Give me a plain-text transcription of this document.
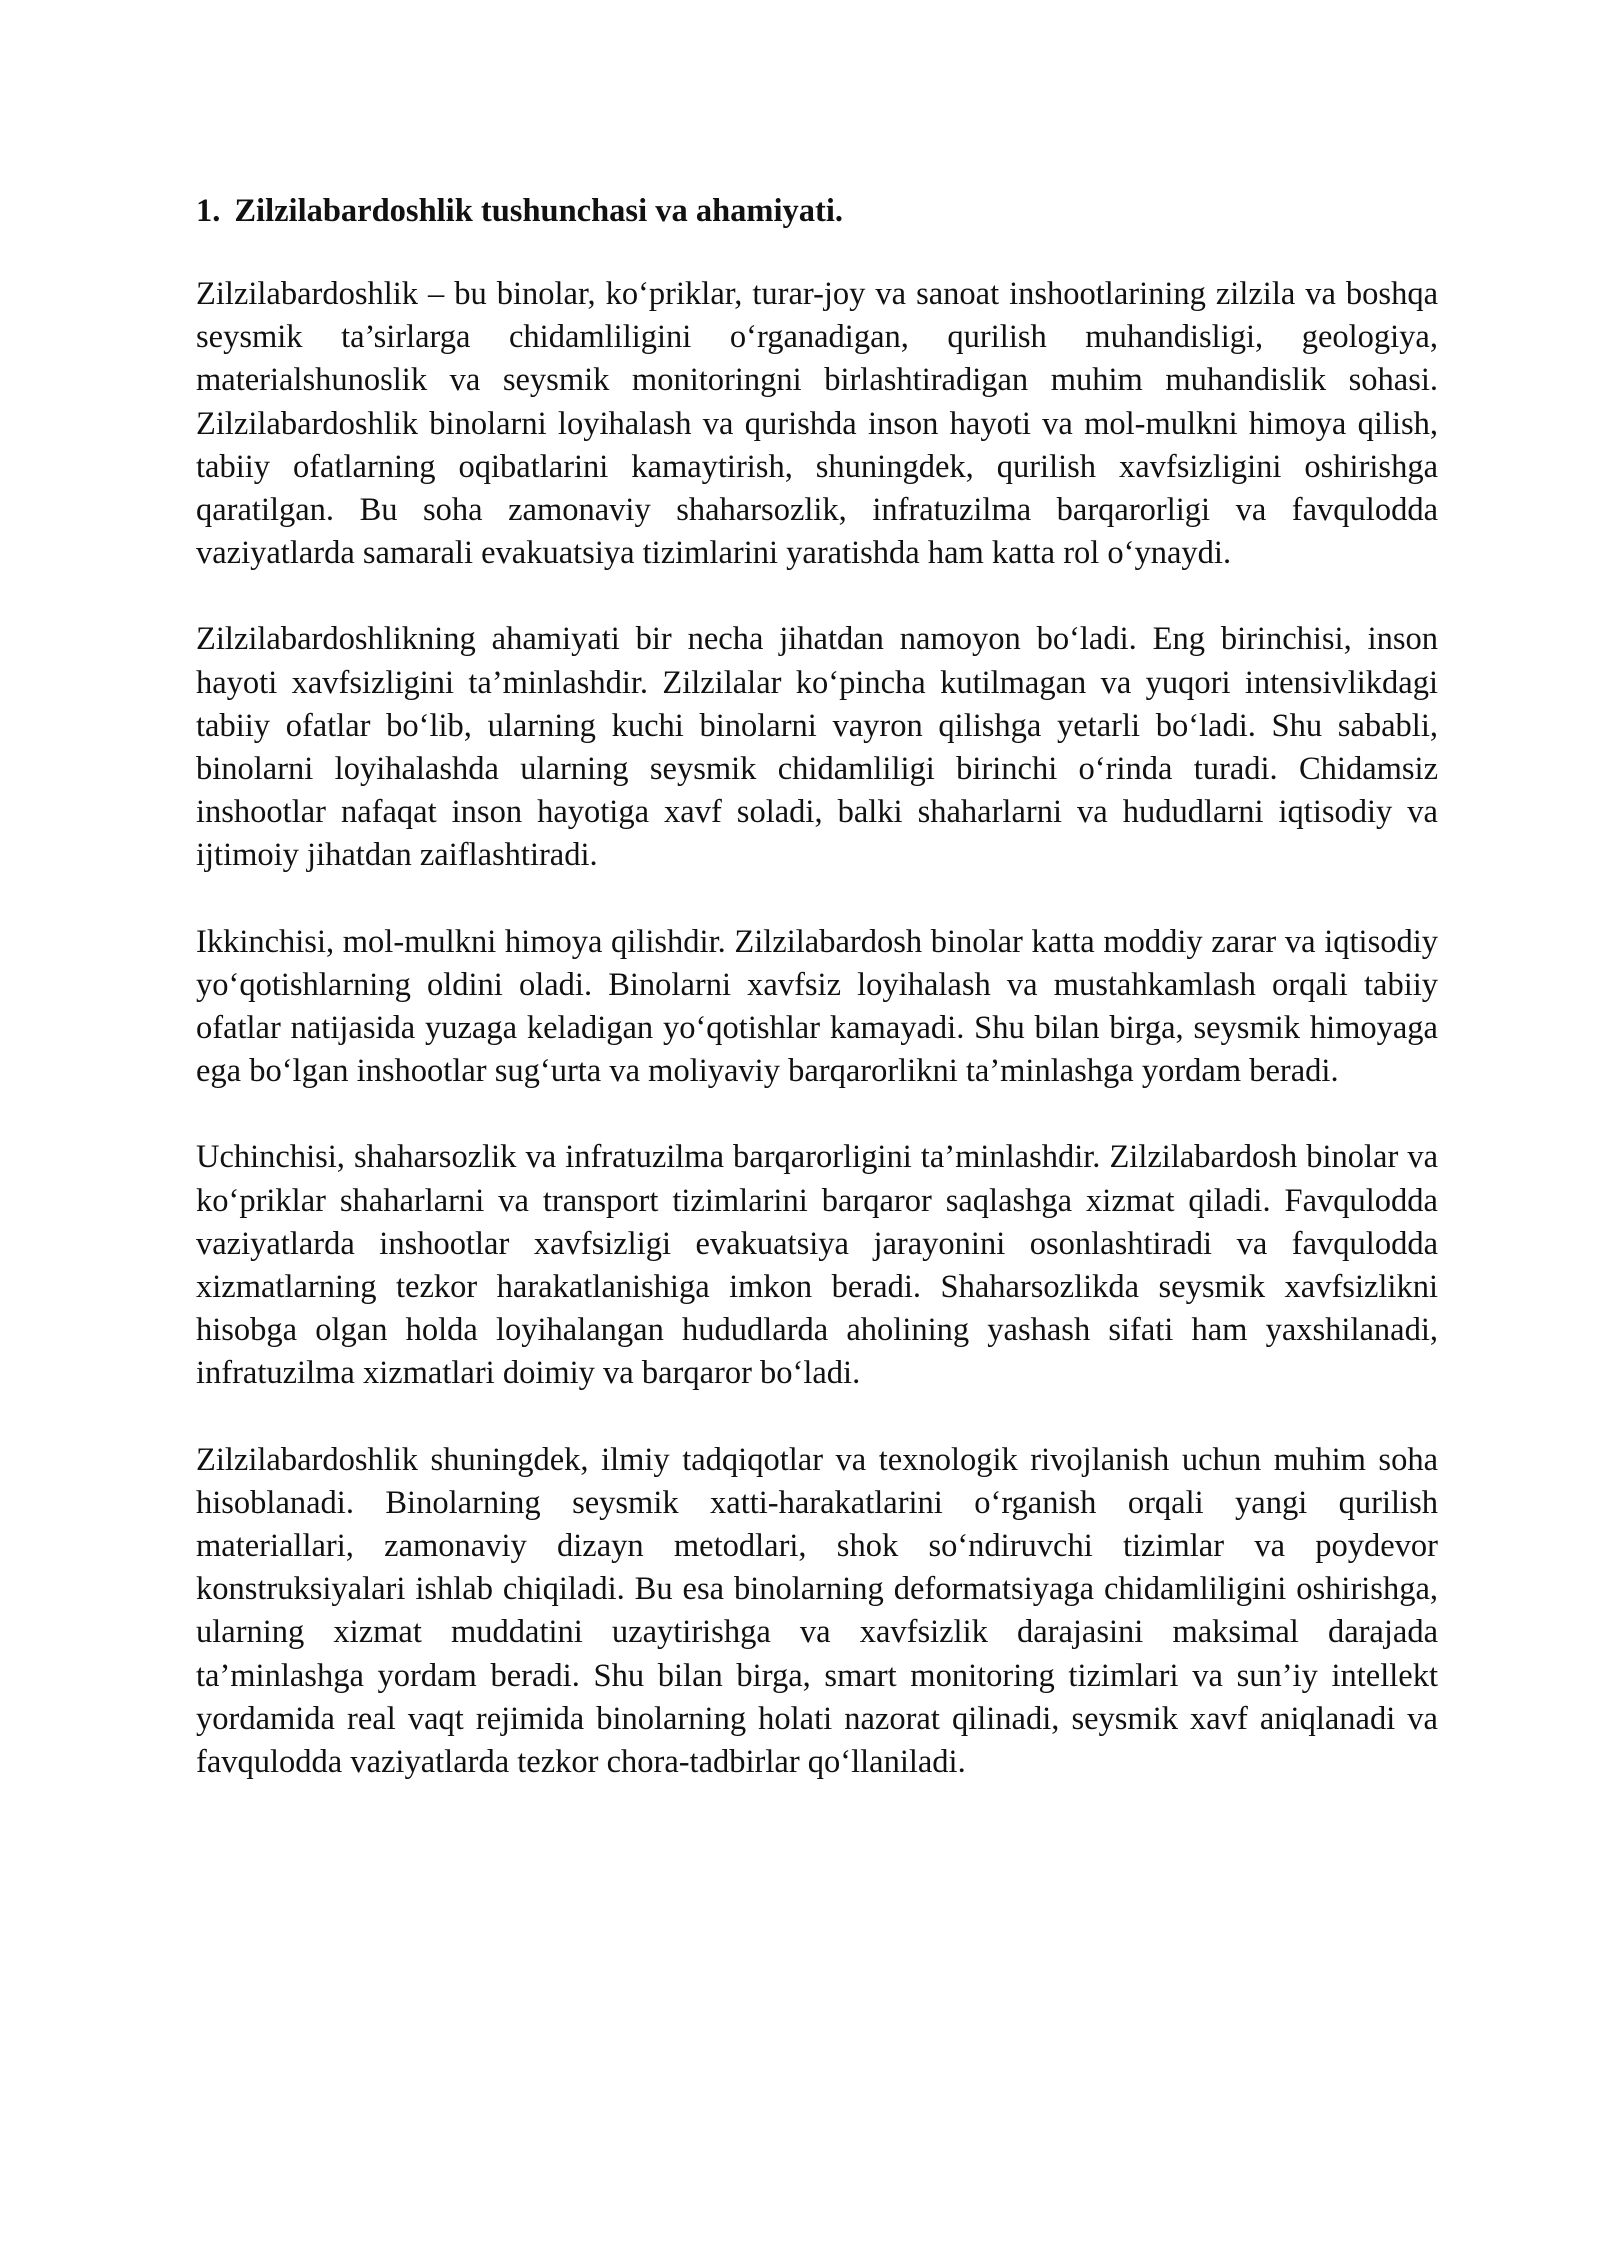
1. Zilzilabardoshlik tushunchasi va ahamiyati.

Zilzilabardoshlik – bu binolar, ko‘priklar, turar-joy va sanoat inshootlarining zilzila va boshqa seysmik ta’sirlarga chidamliligini o‘rganadigan, qurilish muhandisligi, geologiya, materialshunoslik va seysmik monitoringni birlashtiradigan muhim muhandislik sohasi. Zilzilabardoshlik binolarni loyihalash va qurishda inson hayoti va mol-mulkni himoya qilish, tabiiy ofatlarning oqibatlarini kamaytirish, shuningdek, qurilish xavfsizligini oshirishga qaratilgan. Bu soha zamonaviy shaharsozlik, infratuzilma barqarorligi va favqulodda vaziyatlarda samarali evakuatsiya tizimlarini yaratishda ham katta rol o‘ynaydi.

Zilzilabardoshlikning ahamiyati bir necha jihatdan namoyon bo‘ladi. Eng birinchisi, inson hayoti xavfsizligini ta’minlashdir. Zilzilalar ko‘pincha kutilmagan va yuqori intensivlikdagi tabiiy ofatlar bo‘lib, ularning kuchi binolarni vayron qilishga yetarli bo‘ladi. Shu sababli, binolarni loyihalashda ularning seysmik chidamliligi birinchi o‘rinda turadi. Chidamsiz inshootlar nafaqat inson hayotiga xavf soladi, balki shaharlarni va hududlarni iqtisodiy va ijtimoiy jihatdan zaiflashtiradi.

Ikkinchisi, mol-mulkni himoya qilishdir. Zilzilabardosh binolar katta moddiy zarar va iqtisodiy yo‘qotishlarning oldini oladi. Binolarni xavfsiz loyihalash va mustahkamlash orqali tabiiy ofatlar natijasida yuzaga keladigan yo‘qotishlar kamayadi. Shu bilan birga, seysmik himoyaga ega bo‘lgan inshootlar sug‘urta va moliyaviy barqarorlikni ta’minlashga yordam beradi.

Uchinchisi, shaharsozlik va infratuzilma barqarorligini ta’minlashdir. Zilzilabardosh binolar va ko‘priklar shaharlarni va transport tizimlarini barqaror saqlashga xizmat qiladi. Favqulodda vaziyatlarda inshootlar xavfsizligi evakuatsiya jarayonini osonlashtiradi va favqulodda xizmatlarning tezkor harakatlanishiga imkon beradi. Shaharsozlikda seysmik xavfsizlikni hisobga olgan holda loyihalangan hududlarda aholining yashash sifati ham yaxshilanadi, infratuzilma xizmatlari doimiy va barqaror bo‘ladi.

Zilzilabardoshlik shuningdek, ilmiy tadqiqotlar va texnologik rivojlanish uchun muhim soha hisoblanadi. Binolarning seysmik xatti-harakatlarini o‘rganish orqali yangi qurilish materiallari, zamonaviy dizayn metodlari, shok so‘ndiruvchi tizimlar va poydevor konstruksiyalari ishlab chiqiladi. Bu esa binolarning deformatsiyaga chidamliligini oshirishga, ularning xizmat muddatini uzaytirishga va xavfsizlik darajasini maksimal darajada ta’minlashga yordam beradi. Shu bilan birga, smart monitoring tizimlari va sun’iy intellekt yordamida real vaqt rejimida binolarning holati nazorat qilinadi, seysmik xavf aniqlanadi va favqulodda vaziyatlarda tezkor chora-tadbirlar qo‘llaniladi.
